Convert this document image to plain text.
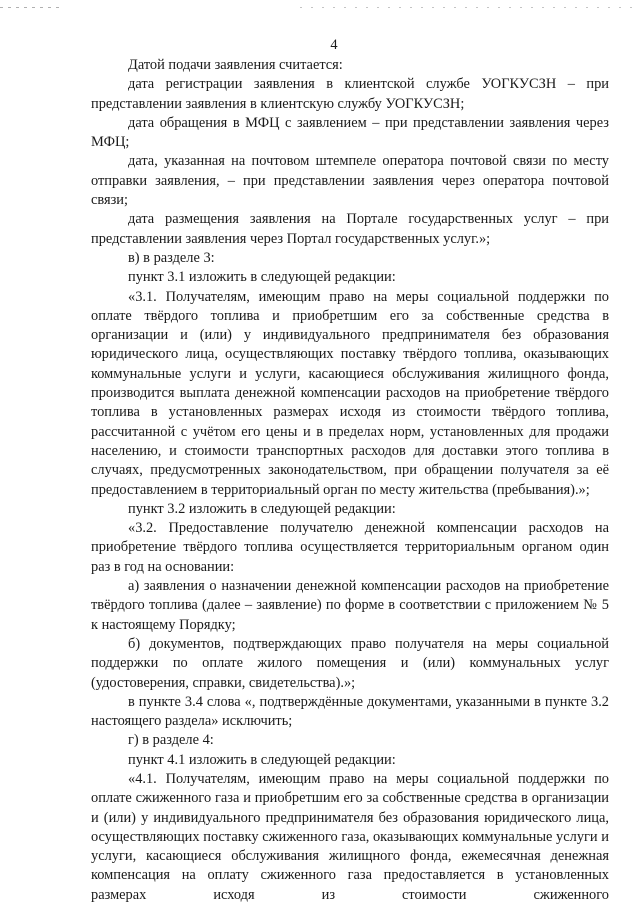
4

Датой подачи заявления считается:

дата регистрации заявления в клиентской службе УОГКУСЗН – при представлении заявления в клиентскую службу УОГКУСЗН;

дата обращения в МФЦ с заявлением – при представлении заявления через МФЦ;

дата, указанная на почтовом штемпеле оператора почтовой связи по месту отправки заявления, – при представлении заявления через оператора почтовой связи;

дата размещения заявления на Портале государственных услуг – при представлении заявления через Портал государственных услуг.»;

в) в разделе 3:

пункт 3.1 изложить в следующей редакции:

«3.1. Получателям, имеющим право на меры социальной поддержки по оплате твёрдого топлива и приобретшим его за собственные средства в организации и (или) у индивидуального предпринимателя без образования юридического лица, осуществляющих поставку твёрдого топлива, оказывающих коммунальные услуги и услуги, касающиеся обслуживания жилищного фонда, производится выплата денежной компенсации расходов на приобретение твёрдого топлива в установленных размерах исходя из стоимости твёрдого топлива, рассчитанной с учётом его цены и в пределах норм, установленных для продажи населению, и стоимости транспортных расходов для доставки этого топлива в случаях, предусмотренных законодательством, при обращении получателя за её предоставлением в территориальный орган по месту жительства (пребывания).»;

пункт 3.2 изложить в следующей редакции:

«3.2. Предоставление получателю денежной компенсации расходов на приобретение твёрдого топлива осуществляется территориальным органом один раз в год на основании:

а) заявления о назначении денежной компенсации расходов на приобретение твёрдого топлива (далее – заявление) по форме в соответствии с приложением № 5 к настоящему Порядку;

б) документов, подтверждающих право получателя на меры социальной поддержки по оплате жилого помещения и (или) коммунальных услуг (удостоверения, справки, свидетельства).»;

в пункте 3.4 слова «, подтверждённые документами, указанными в пункте 3.2 настоящего раздела» исключить;

г) в разделе 4:

пункт 4.1 изложить в следующей редакции:

«4.1. Получателям, имеющим право на меры социальной поддержки по оплате сжиженного газа и приобретшим его за собственные средства в организации и (или) у индивидуального предпринимателя без образования юридического лица, осуществляющих поставку сжиженного газа, оказывающих коммунальные услуги и услуги, касающиеся обслуживания жилищного фонда, ежемесячная денежная компенсация на оплату сжиженного газа предоставляется в установленных размерах исходя из стоимости сжиженного
